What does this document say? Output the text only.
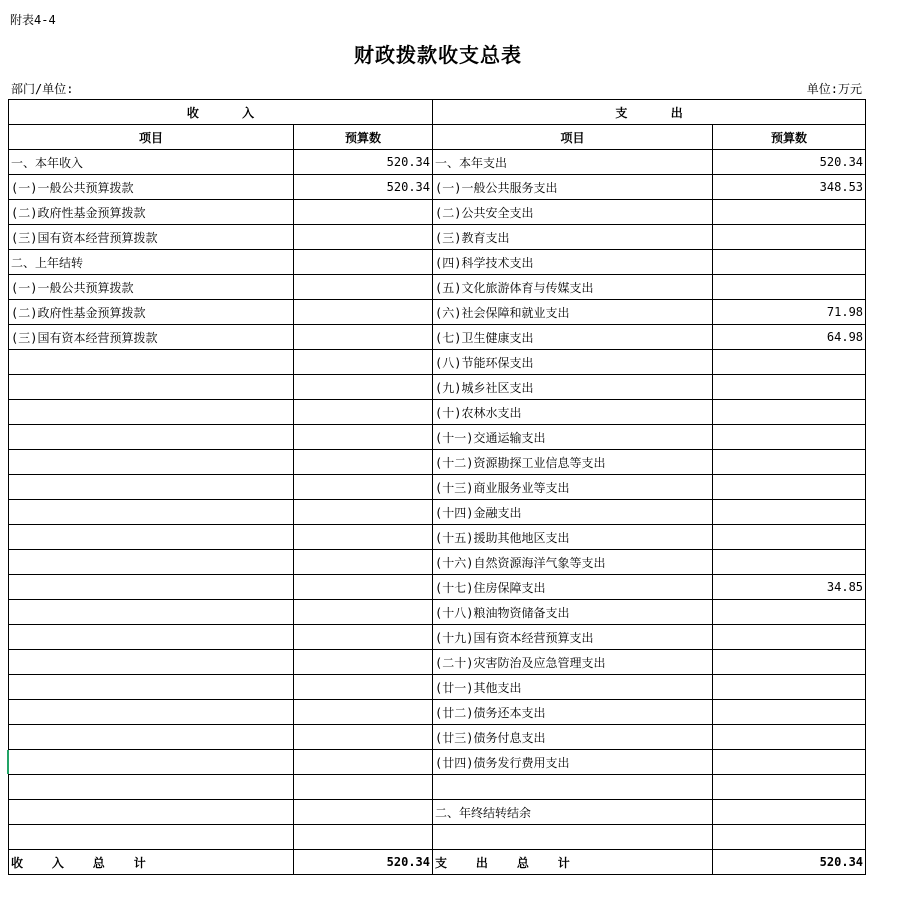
附表4-4
财政拨款收支总表
部门/单位:	单位:万元
收      入		支      出	
项目	预算数	项目	预算数
一、本年收入	520.34	一、本年支出	520.34
(一)一般公共预算拨款	520.34	(一)一般公共服务支出	348.53
(二)政府性基金预算拨款		(二)公共安全支出	
(三)国有资本经营预算拨款		(三)教育支出	
二、上年结转		(四)科学技术支出	
(一)一般公共预算拨款		(五)文化旅游体育与传媒支出	
(二)政府性基金预算拨款		(六)社会保障和就业支出	71.98
(三)国有资本经营预算拨款		(七)卫生健康支出	64.98
		(八)节能环保支出	
		(九)城乡社区支出	
		(十)农林水支出	
		(十一)交通运输支出	
		(十二)资源勘探工业信息等支出	
		(十三)商业服务业等支出	
		(十四)金融支出	
		(十五)援助其他地区支出	
		(十六)自然资源海洋气象等支出	
		(十七)住房保障支出	34.85
		(十八)粮油物资储备支出	
		(十九)国有资本经营预算支出	
		(二十)灾害防治及应急管理支出	
		(廿一)其他支出	
		(廿二)债务还本支出	
		(廿三)债务付息支出	
		(廿四)债务发行费用支出	

		二、年终结转结余	

收    入    总    计	520.34	支    出    总    计	520.34
